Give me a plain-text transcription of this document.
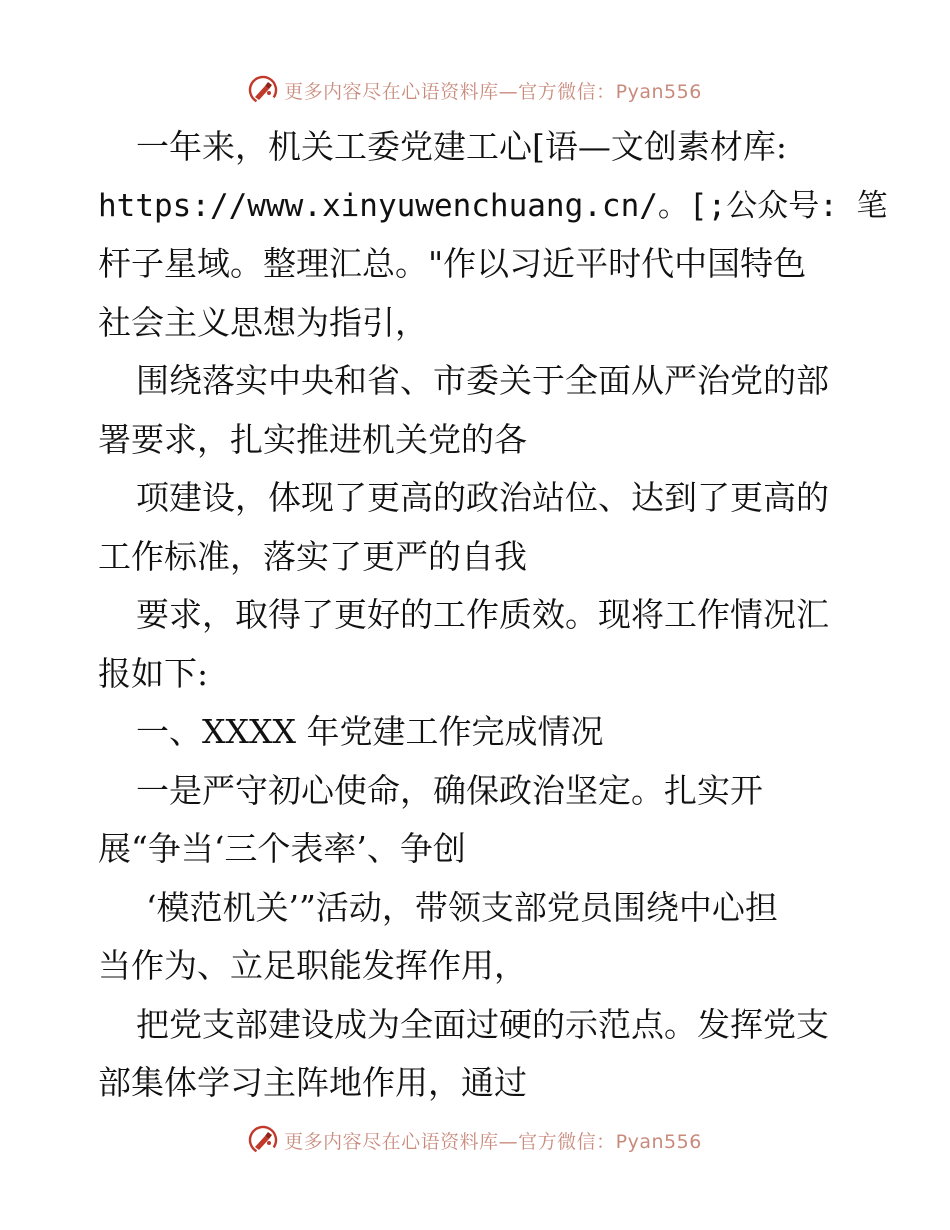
更多内容尽在心语资料库—官方微信：Pyan556
一年来，机关工委党建工心[语—文创素材库:
https://www.xinyuwenchuang.cn/。[;公众号: 笔
杆子星域。整理汇总。"作以习近平时代中国特色
社会主义思想为指引，
围绕落实中央和省、市委关于全面从严治党的部
署要求，扎实推进机关党的各
项建设，体现了更高的政治站位、达到了更高的
工作标准，落实了更严的自我
要求，取得了更好的工作质效。现将工作情况汇
报如下:
一、XXXX 年党建工作完成情况
一是严守初心使命，确保政治坚定。扎实开
展“争当‘三个表率’、争创
‘模范机关’”活动，带领支部党员围绕中心担
当作为、立足职能发挥作用，
把党支部建设成为全面过硬的示范点。发挥党支
部集体学习主阵地作用，通过
更多内容尽在心语资料库—官方微信：Pyan556
